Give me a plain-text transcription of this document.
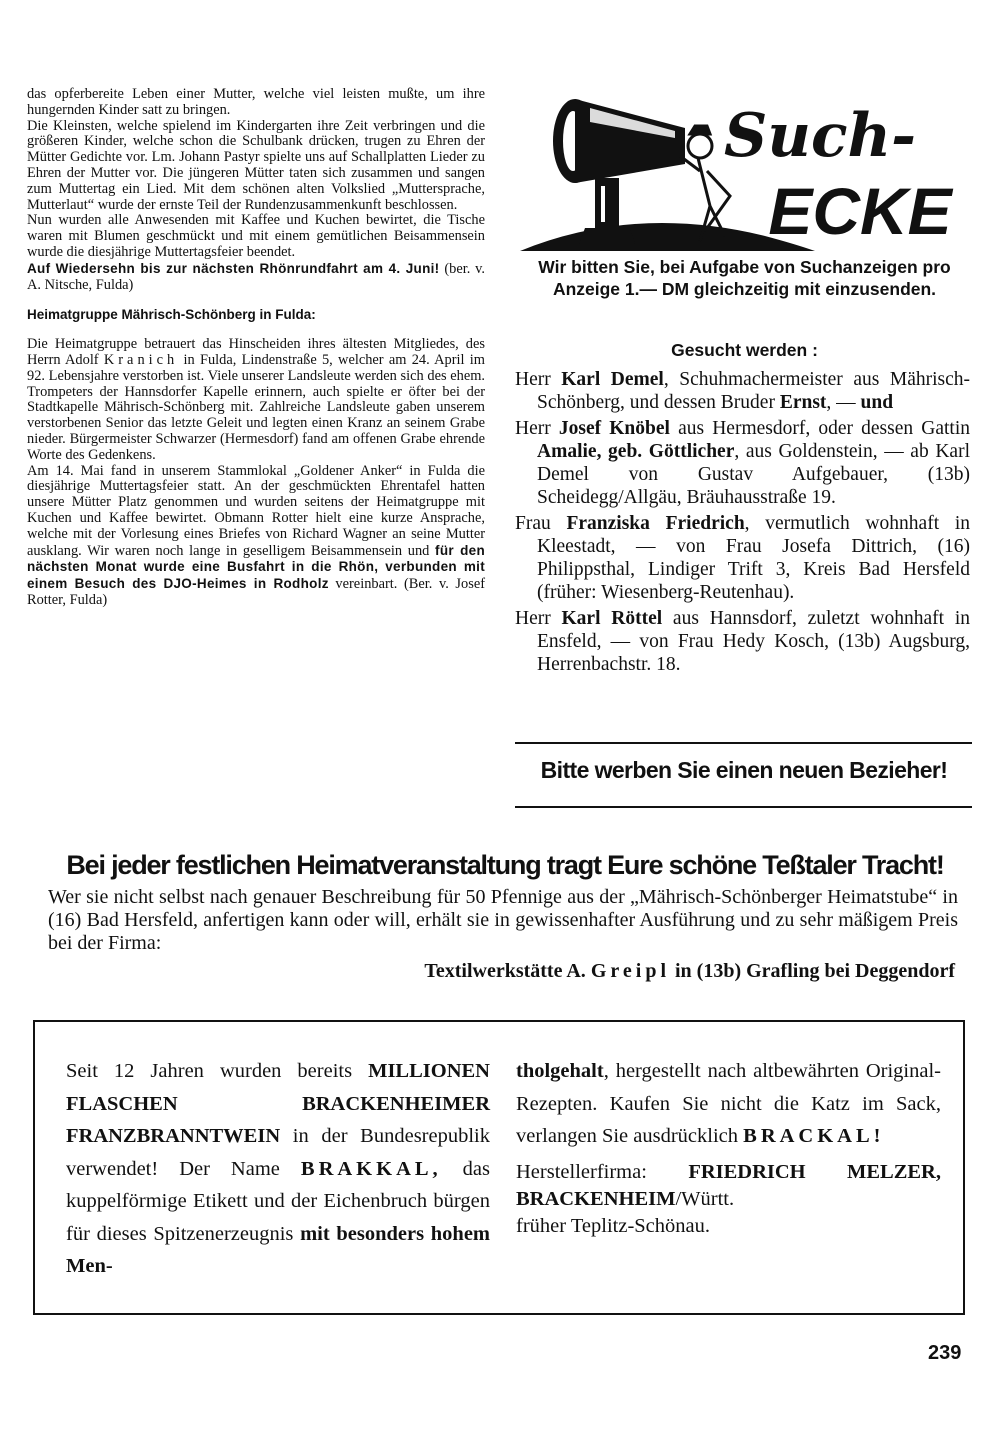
das opferbereite Leben einer Mutter, welche viel leisten mußte, um ihre hungernden Kinder satt zu bringen.

Die Kleinsten, welche spielend im Kindergarten ihre Zeit verbringen und die größeren Kinder, welche schon die Schulbank drücken, trugen zu Ehren der Mütter Gedichte vor. Lm. Johann Pastyr spielte uns auf Schallplatten Lieder zu Ehren der Mutter vor. Die jüngeren Mütter taten sich zusammen und sangen zum Muttertag ein Lied. Mit dem schönen alten Volkslied „Muttersprache, Mutterlaut“ wurde der ernste Teil der Rundenzusammenkunft beschlossen.

Nun wurden alle Anwesenden mit Kaffee und Kuchen bewirtet, die Tische waren mit Blumen geschmückt und mit einem gemütlichen Beisammensein wurde die diesjährige Muttertagsfeier beendet.

Auf Wiedersehn bis zur nächsten Rhönrundfahrt am 4. Juni! (ber. v. A. Nitsche, Fulda)

Heimatgruppe Mährisch-Schönberg in Fulda:

Die Heimatgruppe betrauert das Hinscheiden ihres ältesten Mitgliedes, des Herrn Adolf Kranich in Fulda, Lindenstraße 5, welcher am 24. April im 92. Lebensjahre verstorben ist. Viele unserer Landsleute werden sich des ehem. Trompeters der Hannsdorfer Kapelle erinnern, auch spielte er öfter bei der Stadtkapelle Mährisch-Schönberg mit. Zahlreiche Landsleute gaben unserem verstorbenen Senior das letzte Geleit und legten einen Kranz an seinem Grabe nieder. Bürgermeister Schwarzer (Hermesdorf) fand am offenen Grabe ehrende Worte des Gedenkens.

Am 14. Mai fand in unserem Stammlokal „Goldener Anker“ in Fulda die diesjährige Muttertagsfeier statt. An der geschmückten Ehrentafel hatten unsere Mütter Platz genommen und wurden seitens der Heimatgruppe mit Kuchen und Kaffee bewirtet. Obmann Rotter hielt eine kurze Ansprache, welche mit der Vorlesung eines Briefes von Richard Wagner an seine Mutter ausklang. Wir waren noch lange in geselligem Beisammensein und für den nächsten Monat wurde eine Busfahrt in die Rhön, verbunden mit einem Besuch des DJO-Heimes in Rodholz vereinbart. (Ber. v. Josef Rotter, Fulda)

Such-
ECKE
Wir bitten Sie, bei Aufgabe von Suchanzeigen pro Anzeige 1.— DM gleichzeitig mit einzusenden.
Gesucht werden :

Herr Karl Demel, Schuhmachermeister aus Mährisch-Schönberg, und dessen Bruder Ernst, — und

Herr Josef Knöbel aus Hermesdorf, oder dessen Gattin Amalie, geb. Göttlicher, aus Goldenstein, — ab Karl Demel von Gustav Aufgebauer, (13b) Scheidegg/Allgäu, Bräuhausstraße 19.

Frau Franziska Friedrich, vermutlich wohnhaft in Kleestadt, — von Frau Josefa Dittrich, (16) Philippsthal, Lindiger Trift 3, Kreis Bad Hersfeld (früher: Wiesenberg-Reutenhau).

Herr Karl Röttel aus Hannsdorf, zuletzt wohnhaft in Ensfeld, — von Frau Hedy Kosch, (13b) Augsburg, Herrenbachstr. 18.

Bitte werben Sie einen neuen Bezieher!
Bei jeder festlichen Heimatveranstaltung tragt Eure schöne Teßtaler Tracht!
Wer sie nicht selbst nach genauer Beschreibung für 50 Pfennige aus der „Mährisch-Schönberger Heimatstube“ in (16) Bad Hersfeld, anfertigen kann oder will, erhält sie in gewissenhafter Ausführung und zu sehr mäßigem Preis bei der Firma:
Textilwerkstätte A. Greipl in (13b) Grafling bei Deggendorf

Seit 12 Jahren wurden bereits MILLIONEN FLASCHEN BRACKENHEIMER FRANZBRANNTWEIN in der Bundesrepublik verwendet! Der Name BRAKKAL, das kuppelförmige Etikett und der Eichenbruch bürgen für dieses Spitzenerzeugnis mit besonders hohem Men-

tholgehalt, hergestellt nach altbewährten Original-Rezepten. Kaufen Sie nicht die Katz im Sack, verlangen Sie ausdrücklich BRACKAL!

Herstellerfirma: FRIEDRICH MELZER, BRACKENHEIM/Württ.

früher Teplitz-Schönau.

239
